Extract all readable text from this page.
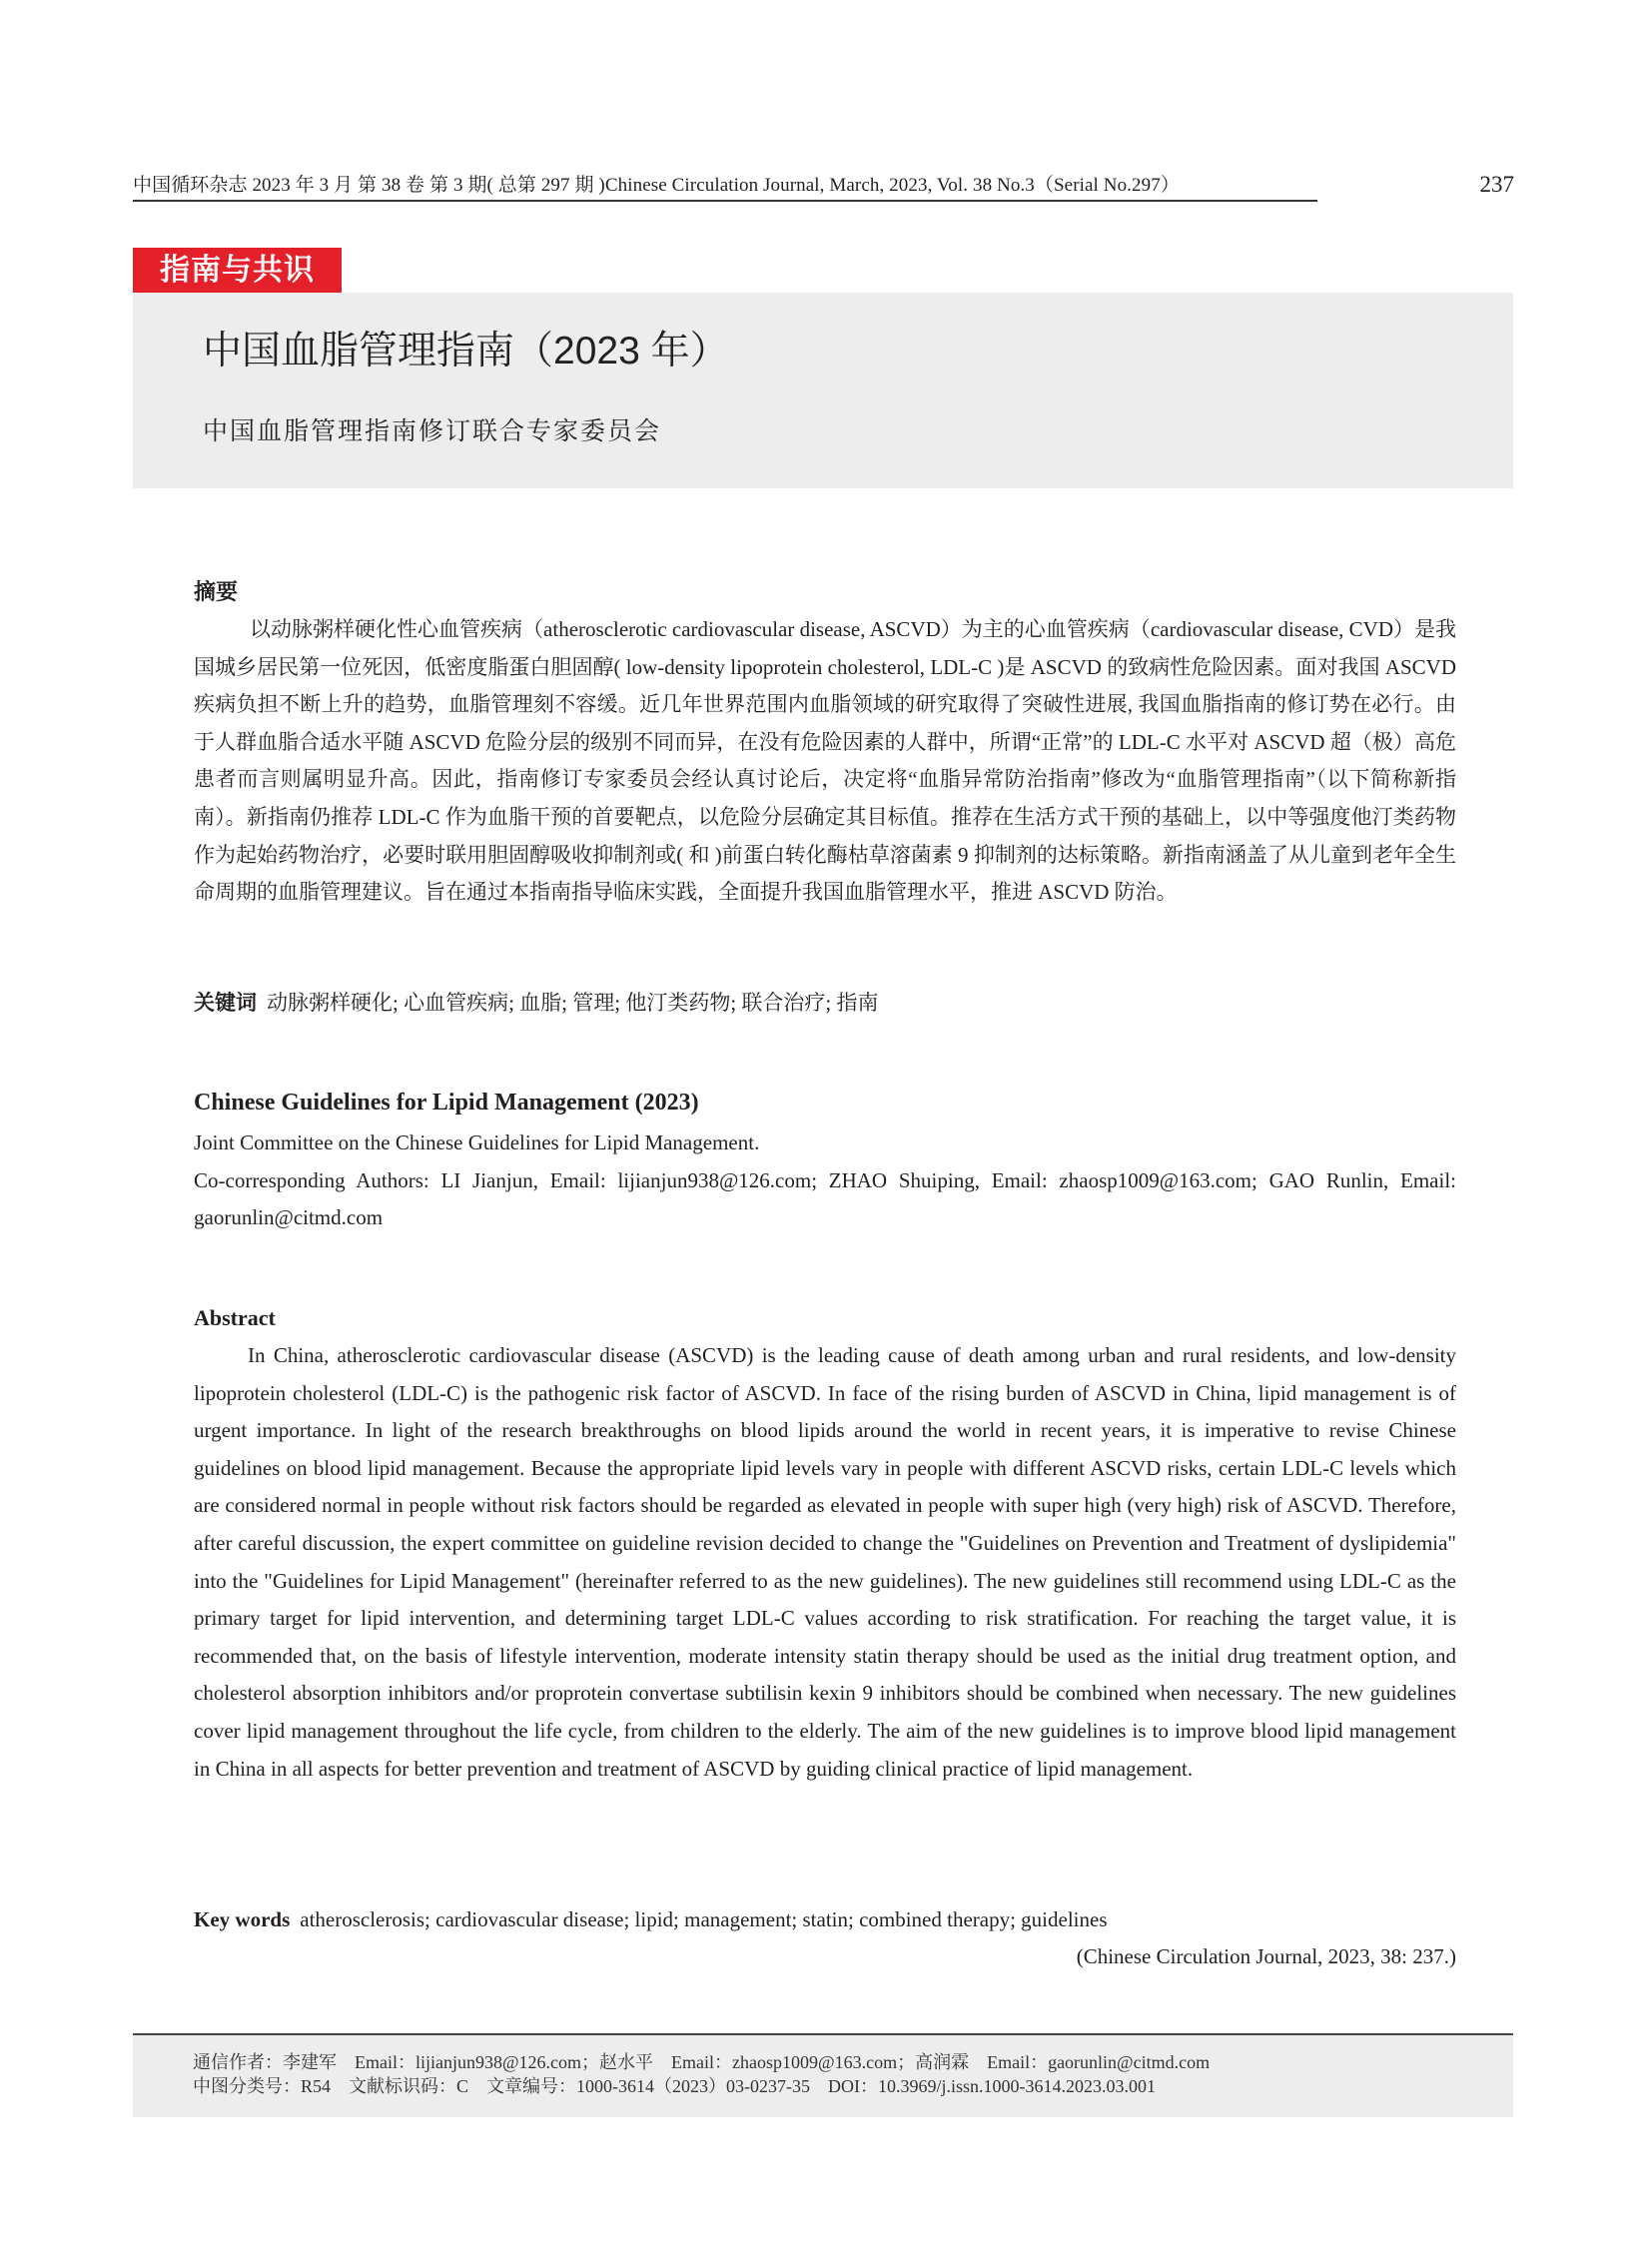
中国循环杂志 2023 年 3 月 第 38 卷 第 3 期( 总第 297 期 )Chinese Circulation Journal, March, 2023, Vol. 38 No.3（Serial No.297）	237
指南与共识
中国血脂管理指南（2023 年）
中国血脂管理指南修订联合专家委员会
摘要
以动脉粥样硬化性心血管疾病（atherosclerotic cardiovascular disease, ASCVD）为主的心血管疾病（cardiovascular disease, CVD）是我国城乡居民第一位死因，低密度脂蛋白胆固醇( low-density lipoprotein cholesterol, LDL-C )是 ASCVD 的致病性危险因素。面对我国 ASCVD 疾病负担不断上升的趋势，血脂管理刻不容缓。近几年世界范围内血脂领域的研究取得了突破性进展, 我国血脂指南的修订势在必行。由于人群血脂合适水平随 ASCVD 危险分层的级别不同而异，在没有危险因素的人群中，所谓“正常”的 LDL-C 水平对 ASCVD 超（极）高危患者而言则属明显升高。因此，指南修订专家委员会经认真讨论后，决定将“血脂异常防治指南”修改为“血脂管理指南”（以下简称新指南）。新指南仍推荐 LDL-C 作为血脂干预的首要靶点，以危险分层确定其目标值。推荐在生活方式干预的基础上，以中等强度他汀类药物作为起始药物治疗，必要时联用胆固醇吸收抑制剂或( 和 )前蛋白转化酶枯草溶菌素 9 抑制剂的达标策略。新指南涵盖了从儿童到老年全生命周期的血脂管理建议。旨在通过本指南指导临床实践，全面提升我国血脂管理水平，推进 ASCVD 防治。
关键词 动脉粥样硬化; 心血管疾病; 血脂; 管理; 他汀类药物; 联合治疗; 指南
Chinese Guidelines for Lipid Management (2023)
Joint Committee on the Chinese Guidelines for Lipid Management.
Co-corresponding Authors: LI Jianjun, Email: lijianjun938@126.com; ZHAO Shuiping, Email: zhaosp1009@163.com; GAO Runlin, Email: gaorunlin@citmd.com
Abstract
In China, atherosclerotic cardiovascular disease (ASCVD) is the leading cause of death among urban and rural residents, and low-density lipoprotein cholesterol (LDL-C) is the pathogenic risk factor of ASCVD. In face of the rising burden of ASCVD in China, lipid management is of urgent importance. In light of the research breakthroughs on blood lipids around the world in recent years, it is imperative to revise Chinese guidelines on blood lipid management. Because the appropriate lipid levels vary in people with different ASCVD risks, certain LDL-C levels which are considered normal in people without risk factors should be regarded as elevated in people with super high (very high) risk of ASCVD. Therefore, after careful discussion, the expert committee on guideline revision decided to change the "Guidelines on Prevention and Treatment of dyslipidemia" into the "Guidelines for Lipid Management" (hereinafter referred to as the new guidelines). The new guidelines still recommend using LDL-C as the primary target for lipid intervention, and determining target LDL-C values according to risk stratification. For reaching the target value, it is recommended that, on the basis of lifestyle intervention, moderate intensity statin therapy should be used as the initial drug treatment option, and cholesterol absorption inhibitors and/or proprotein convertase subtilisin kexin 9 inhibitors should be combined when necessary. The new guidelines cover lipid management throughout the life cycle, from children to the elderly. The aim of the new guidelines is to improve blood lipid management in China in all aspects for better prevention and treatment of ASCVD by guiding clinical practice of lipid management.
Key words atherosclerosis; cardiovascular disease; lipid; management; statin; combined therapy; guidelines
(Chinese Circulation Journal, 2023, 38: 237.)
通信作者：李建军　Email：lijianjun938@126.com；赵水平　Email：zhaosp1009@163.com；高润霖　Email：gaorunlin@citmd.com
中图分类号：R54　文献标识码：C　文章编号：1000-3614（2023）03-0237-35　DOI：10.3969/j.issn.1000-3614.2023.03.001
